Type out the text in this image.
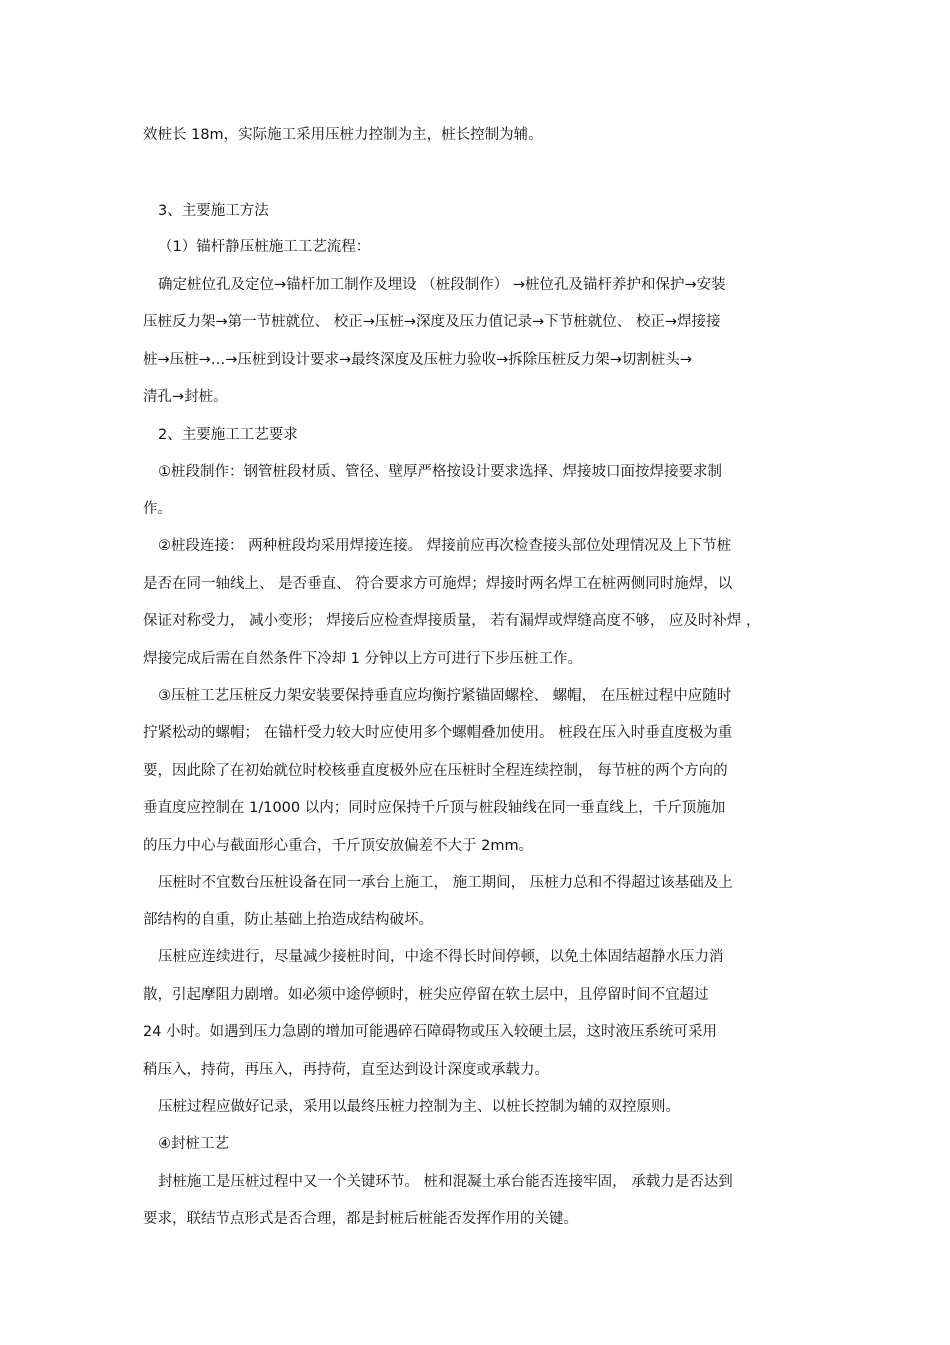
效桩长 18m，实际施工采用压桩力控制为主，桩长控制为辅。
3、主要施工方法
（1）锚杆静压桩施工工艺流程：
确定桩位孔及定位→锚杆加工制作及埋设 （桩段制作） →桩位孔及锚杆养护和保护→安装
压桩反力架→第一节桩就位、 校正→压桩→深度及压力值记录→下节桩就位、 校正→焊接接
桩→压桩→…→压桩到设计要求→最终深度及压桩力验收→拆除压桩反力架→切割桩头→
清孔→封桩。
2、主要施工工艺要求
①桩段制作：钢管桩段材质、管径、壁厚严格按设计要求选择、焊接坡口面按焊接要求制
作。
②桩段连接： 两种桩段均采用焊接连接。 焊接前应再次检查接头部位处理情况及上下节桩
是否在同一轴线上、 是否垂直、 符合要求方可施焊；焊接时两名焊工在桩两侧同时施焊，以
保证对称受力， 减小变形； 焊接后应检查焊接质量， 若有漏焊或焊缝高度不够， 应及时补焊 ，
焊接完成后需在自然条件下冷却 1 分钟以上方可进行下步压桩工作。
③压桩工艺压桩反力架安装要保持垂直应均衡拧紧锚固螺栓、 螺帽， 在压桩过程中应随时
拧紧松动的螺帽； 在锚杆受力较大时应使用多个螺帽叠加使用。 桩段在压入时垂直度极为重
要，因此除了在初始就位时校核垂直度极外应在压桩时全程连续控制， 每节桩的两个方向的
垂直度应控制在 1/1000 以内；同时应保持千斤顶与桩段轴线在同一垂直线上，千斤顶施加
的压力中心与截面形心重合，千斤顶安放偏差不大于 2mm。
压桩时不宜数台压桩设备在同一承台上施工， 施工期间， 压桩力总和不得超过该基础及上
部结构的自重，防止基础上抬造成结构破坏。
压桩应连续进行，尽量减少接桩时间，中途不得长时间停顿，以免土体固结超静水压力消
散，引起摩阻力剧增。如必须中途停顿时，桩尖应停留在软土层中，且停留时间不宜超过
24 小时。如遇到压力急剧的增加可能遇碎石障碍物或压入较硬土层，这时液压系统可采用
稍压入，持荷，再压入，再持荷，直至达到设计深度或承载力。
压桩过程应做好记录，采用以最终压桩力控制为主、以桩长控制为辅的双控原则。
④封桩工艺
封桩施工是压桩过程中又一个关键环节。 桩和混凝土承台能否连接牢固， 承载力是否达到
要求，联结节点形式是否合理，都是封桩后桩能否发挥作用的关键。
